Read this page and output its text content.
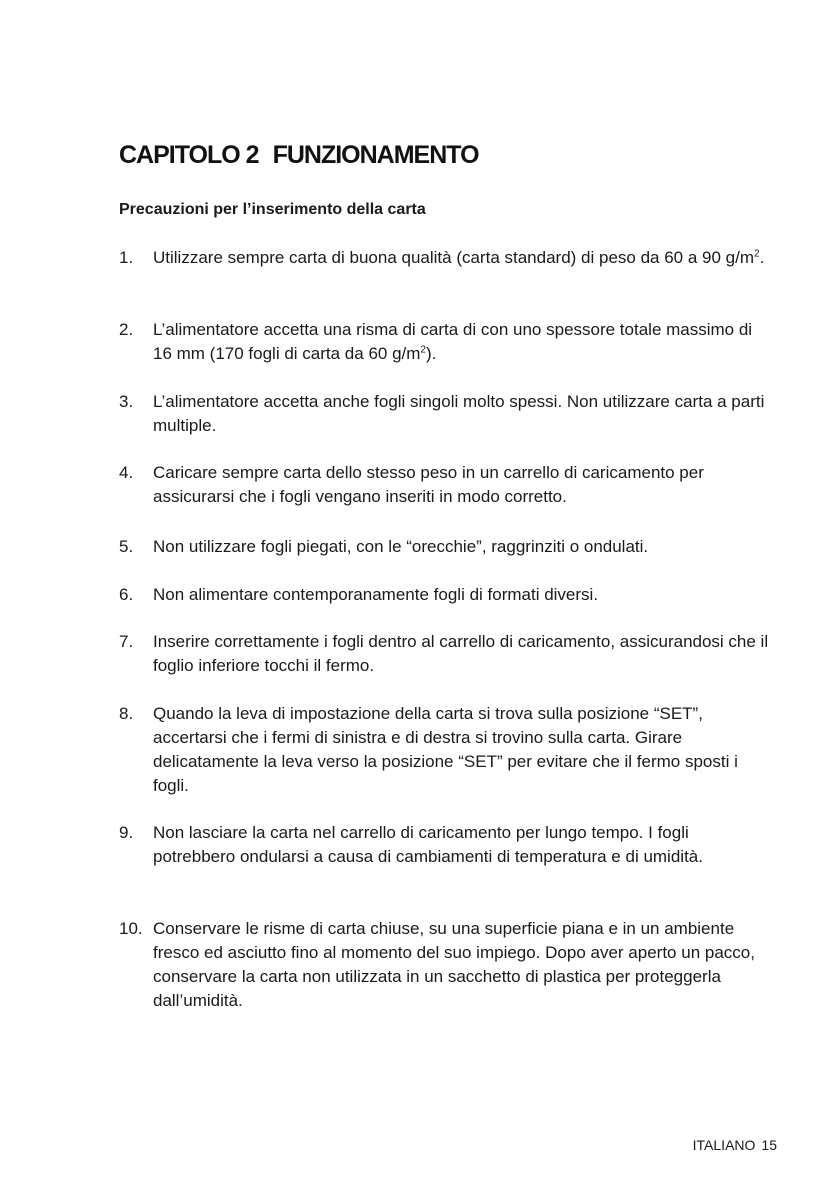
CAPITOLO 2 FUNZIONAMENTO
Precauzioni per l’inserimento della carta
1. Utilizzare sempre carta di buona qualità (carta standard) di peso da 60 a 90 $g/m^2$.
2. L’alimentatore accetta una risma di carta di con uno spessore totale massimo di 16 mm (170 fogli di carta da 60 $g/m^2$).
3. L’alimentatore accetta anche fogli singoli molto spessi. Non utilizzare carta a parti multiple.
4. Caricare sempre carta dello stesso peso in un carrello di caricamento per assicurarsi che i fogli vengano inseriti in modo corretto.
5. Non utilizzare fogli piegati, con le “orecchie”, raggrinziti o ondulati.
6. Non alimentare contemporanamente fogli di formati diversi.
7. Inserire correttamente i fogli dentro al carrello di caricamento, assicurandosi che il foglio inferiore tocchi il fermo.
8. Quando la leva di impostazione della carta si trova sulla posizione “SET”, accertarsi che i fermi di sinistra e di destra si trovino sulla carta. Girare delicatamente la leva verso la posizione “SET” per evitare che il fermo sposti i fogli.
9. Non lasciare la carta nel carrello di caricamento per lungo tempo. I fogli potrebbero ondularsi a causa di cambiamenti di temperatura e di umidità.
10. Conservare le risme di carta chiuse, su una superficie piana e in un ambiente fresco ed asciutto fino al momento del suo impiego. Dopo aver aperto un pacco, conservare la carta non utilizzata in un sacchetto di plastica per proteggerla dall’umidità.
ITALIANO 15
